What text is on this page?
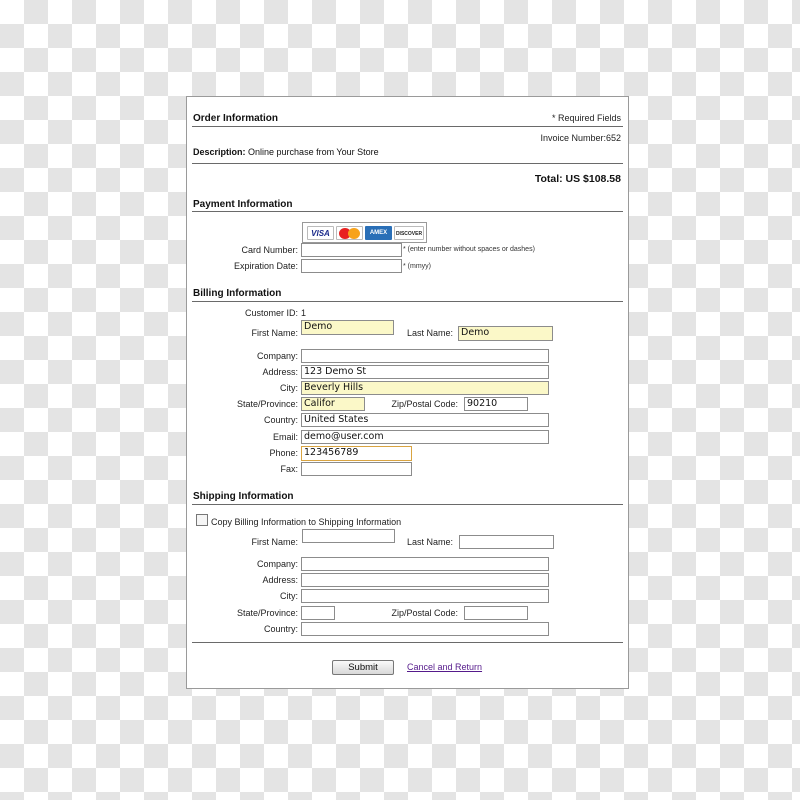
Order Information	* Required Fields
Invoice Number:652
Description: Online purchase from Your Store
Total: US $108.58
Payment Information
VISA	AMEX	DISCOVER
Card Number:	* (enter number without spaces or dashes)
Expiration Date:	* (mmyy)
Billing Information
Customer ID: 1
First Name:
Demo
Last Name: Demo
Company:
Address: 123 Demo St
City: Beverly Hills
State/Province: Califor	Zip/Postal Code: 90210
Country: United States
Email: demo@user.com
Phone: 123456789
Fax:
Shipping Information
Copy Billing Information to Shipping Information
First Name:	Last Name:
Company:
Address:
City:
State/Province:	Zip/Postal Code:
Country:
Submit	Cancel and Return
